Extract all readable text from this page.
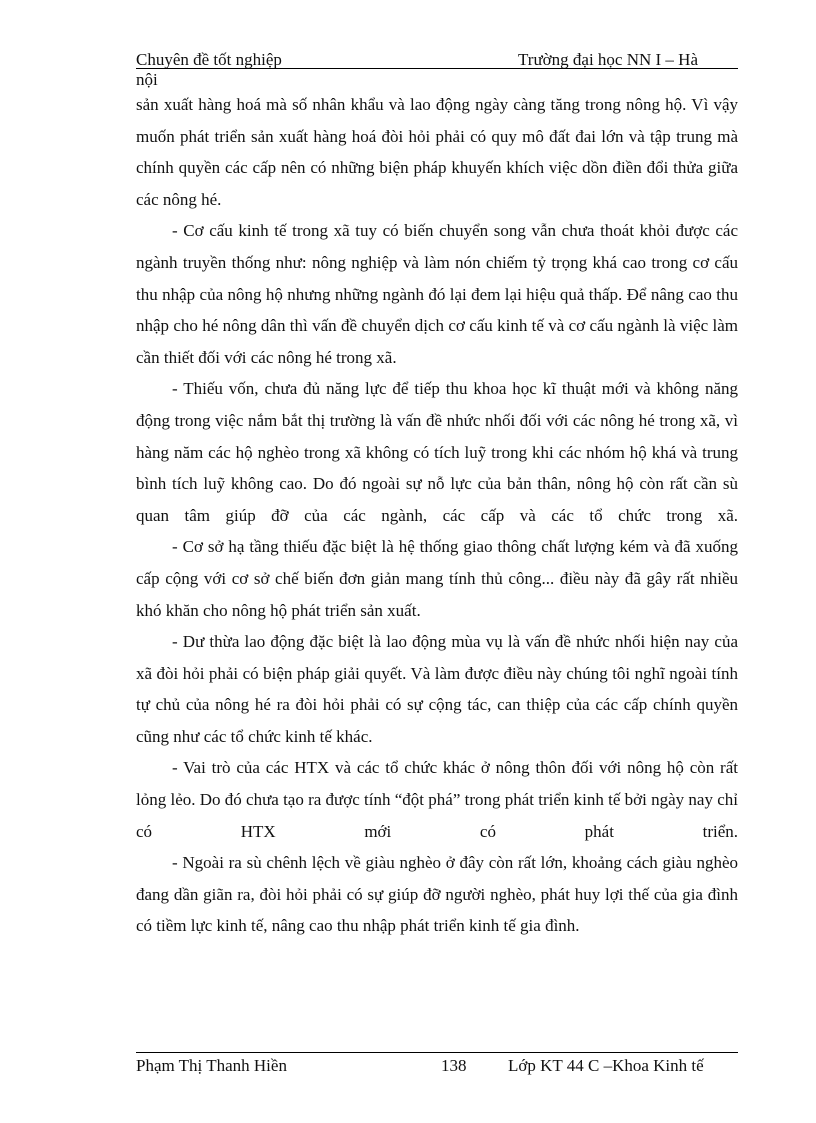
Chuyên đề tốt nghiệp	Trường đại học NN I – Hà
nội

sản xuất hàng hoá mà số nhân khẩu và lao động ngày càng tăng trong nông hộ. Vì vậy muốn phát triển sản xuất hàng hoá đòi hỏi phải có quy mô đất đai lớn và tập trung mà chính quyền các cấp nên có những biện pháp khuyến khích việc dồn điền đổi thửa giữa các nông hé.

- Cơ cấu kinh tế trong xã tuy có biến chuyển song vẫn chưa thoát khỏi được các ngành truyền thống như: nông nghiệp và làm nón chiếm tỷ trọng khá cao trong cơ cấu thu nhập của nông hộ nhưng những ngành đó lại đem lại hiệu quả thấp. Để nâng cao thu nhập cho hé nông dân thì vấn đề chuyển dịch cơ cấu kinh tế và cơ cấu ngành là việc làm cần thiết đối với các nông hé trong xã.

- Thiếu vốn, chưa đủ năng lực để tiếp thu khoa học kĩ thuật mới và không năng động trong việc nắm bắt thị trường là vấn đề nhức nhối đối với các nông hé trong xã, vì hàng năm các hộ nghèo trong xã không có tích luỹ trong khi các nhóm hộ khá và trung bình tích luỹ không cao. Do đó ngoài sự nỗ lực của bản thân, nông hộ còn rất cần sù quan tâm giúp đỡ của các ngành, các cấp và các tổ chức trong xã.

- Cơ sở hạ tầng thiếu đặc biệt là hệ thống giao thông chất lượng kém và đã xuống cấp cộng với cơ sở chế biến đơn giản mang tính thủ công... điều này đã gây rất nhiều khó khăn cho nông hộ phát triển sản xuất.

- Dư thừa lao động đặc biệt là lao động mùa vụ là vấn đề nhức nhối hiện nay của xã đòi hỏi phải có biện pháp giải quyết. Và làm được điều này chúng tôi nghĩ ngoài tính tự chủ của nông hé ra đòi hỏi phải có sự cộng tác, can thiệp của các cấp chính quyền cũng như các tổ chức kinh tế khác.

- Vai trò của các HTX và các tổ chức khác ở nông thôn đối với nông hộ còn rất lỏng lẻo. Do đó chưa tạo ra được tính “đột phá” trong phát triển kinh tế bởi ngày nay chỉ có HTX mới có phát triển.

- Ngoài ra sù chênh lệch về giàu nghèo ở đây còn rất lớn, khoảng cách giàu nghèo đang dần giãn ra, đòi hỏi phải có sự giúp đỡ người nghèo, phát huy lợi thế của gia đình có tiềm lực kinh tế, nâng cao thu nhập phát triển kinh tế gia đình.

Phạm Thị Thanh Hiền	138 Lớp KT 44 C –Khoa Kinh tế
